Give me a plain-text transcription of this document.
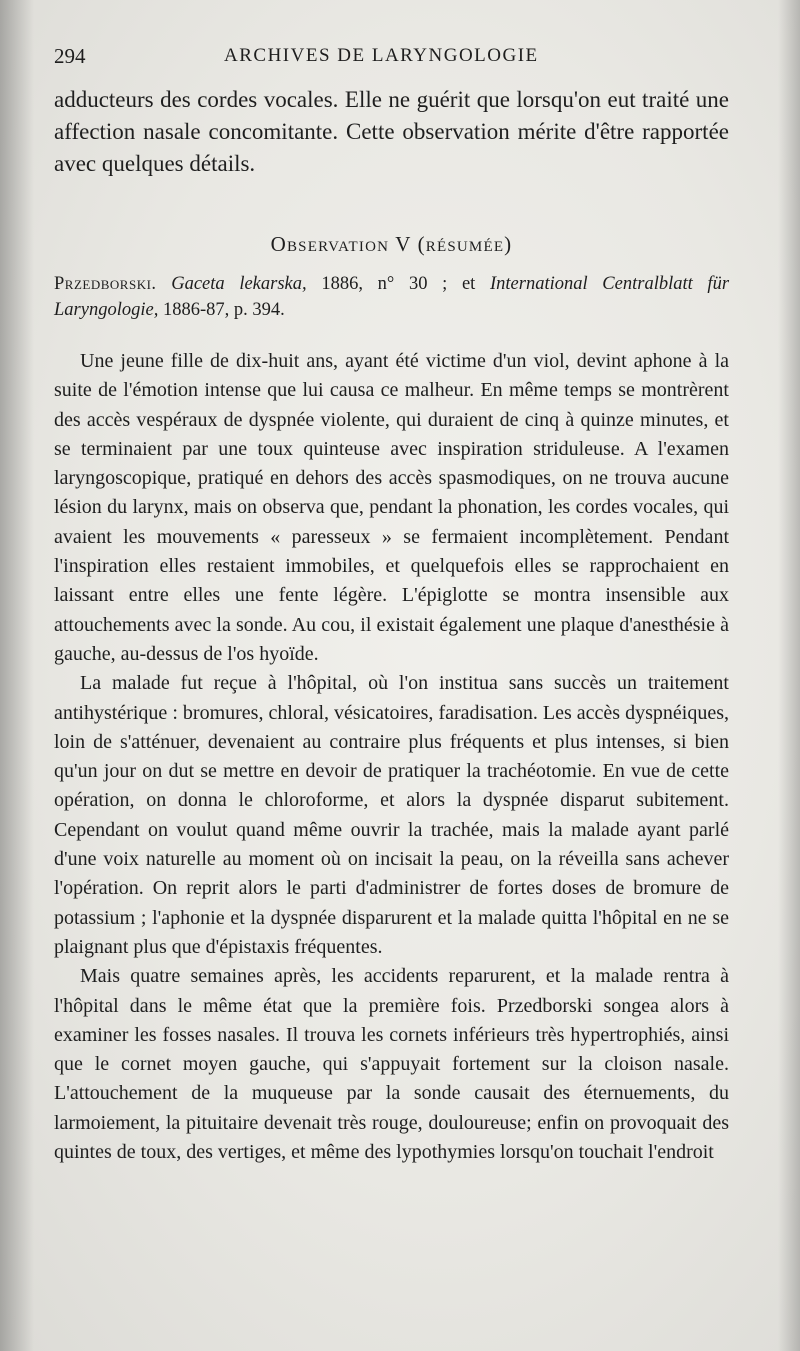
294	ARCHIVES DE LARYNGOLOGIE

adducteurs des cordes vocales. Elle ne guérit que lorsqu'on eut traité une affection nasale concomitante. Cette observation mérite d'être rapportée avec quelques détails.

Observation V (résumée)
Przedborski. Gaceta lekarska, 1886, n° 30 ; et International Centralblatt für Laryngologie, 1886-87, p. 394.

Une jeune fille de dix-huit ans, ayant été victime d'un viol, devint aphone à la suite de l'émotion intense que lui causa ce malheur. En même temps se montrèrent des accès vespéraux de dyspnée violente, qui duraient de cinq à quinze minutes, et se terminaient par une toux quinteuse avec inspiration striduleuse. A l'examen laryngoscopique, pratiqué en dehors des accès spasmodiques, on ne trouva aucune lésion du larynx, mais on observa que, pendant la phonation, les cordes vocales, qui avaient les mouvements « paresseux » se fermaient incomplètement. Pendant l'inspiration elles restaient immobiles, et quelquefois elles se rapprochaient en laissant entre elles une fente légère. L'épiglotte se montra insensible aux attouchements avec la sonde. Au cou, il existait également une plaque d'anesthésie à gauche, au-dessus de l'os hyoïde.

La malade fut reçue à l'hôpital, où l'on institua sans succès un traitement antihystérique : bromures, chloral, vésicatoires, faradisation. Les accès dyspnéiques, loin de s'atténuer, devenaient au contraire plus fréquents et plus intenses, si bien qu'un jour on dut se mettre en devoir de pratiquer la trachéotomie. En vue de cette opération, on donna le chloroforme, et alors la dyspnée disparut subitement. Cependant on voulut quand même ouvrir la trachée, mais la malade ayant parlé d'une voix naturelle au moment où on incisait la peau, on la réveilla sans achever l'opération. On reprit alors le parti d'administrer de fortes doses de bromure de potassium ; l'aphonie et la dyspnée disparurent et la malade quitta l'hôpital en ne se plaignant plus que d'épistaxis fréquentes.

Mais quatre semaines après, les accidents reparurent, et la malade rentra à l'hôpital dans le même état que la première fois. Przedborski songea alors à examiner les fosses nasales. Il trouva les cornets inférieurs très hypertrophiés, ainsi que le cornet moyen gauche, qui s'appuyait fortement sur la cloison nasale. L'attouchement de la muqueuse par la sonde causait des éternuements, du larmoiement, la pituitaire devenait très rouge, douloureuse; enfin on provoquait des quintes de toux, des vertiges, et même des lypothymies lorsqu'on touchait l'endroit
